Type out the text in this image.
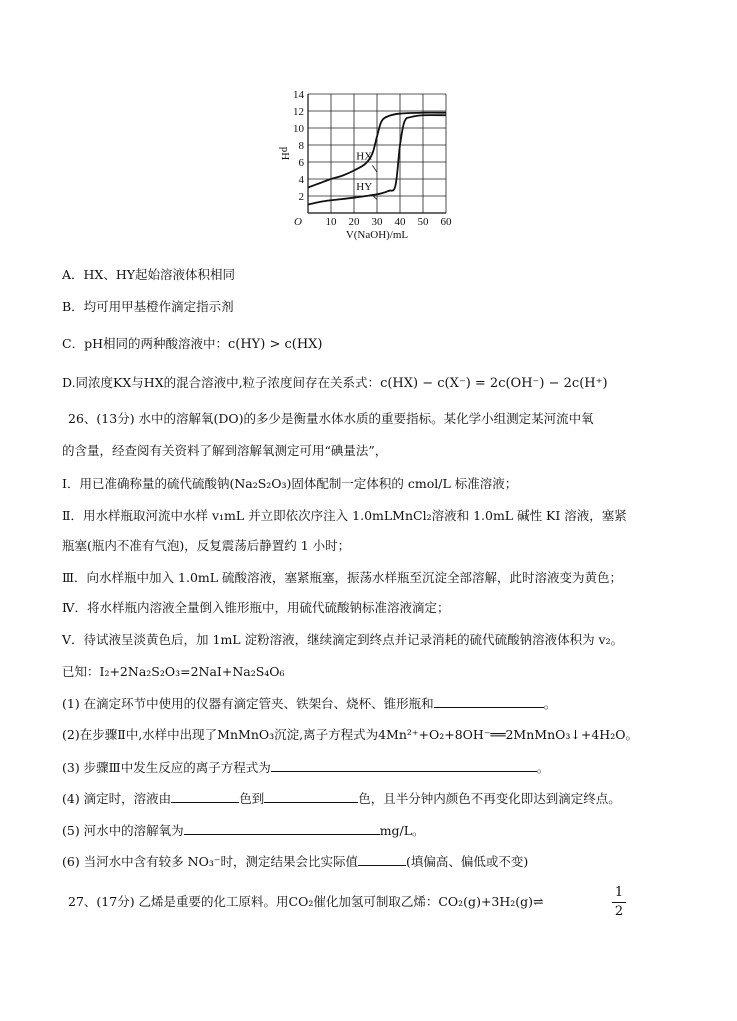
2
4
6
8
10
12
14
10 20 30 40 50 60
O
V(NaOH)/mL
pH	HX
HY
A．HX、HY起始溶液体积相同
B．均可用甲基橙作滴定指示剂
C．pH相同的两种酸溶液中：c(HY) > c(HX)
D.同浓度KX与HX的混合溶液中,粒子浓度间存在关系式：c(HX) − c(X⁻) = 2c(OH⁻) − 2c(H⁺)
26、(13分) 水中的溶解氧(DO)的多少是衡量水体水质的重要指标。某化学小组测定某河流中氧
的含量，经查阅有关资料了解到溶解氧测定可用“碘量法”，
Ⅰ．用已准确称量的硫代硫酸钠(Na₂S₂O₃)固体配制一定体积的 cmol/L 标准溶液；
Ⅱ．用水样瓶取河流中水样 v₁mL 并立即依次序注入 1.0mLMnCl₂溶液和 1.0mL 碱性 KI 溶液，塞紧
瓶塞(瓶内不准有气泡)，反复震荡后静置约 1 小时；
Ⅲ．向水样瓶中加入 1.0mL 硫酸溶液，塞紧瓶塞，振荡水样瓶至沉淀全部溶解，此时溶液变为黄色；
Ⅳ．将水样瓶内溶液全量倒入锥形瓶中，用硫代硫酸钠标准溶液滴定；
Ⅴ．待试液呈淡黄色后，加 1mL 淀粉溶液，继续滴定到终点并记录消耗的硫代硫酸钠溶液体积为 v₂。
已知：I₂+2Na₂S₂O₃=2NaI+Na₂S₄O₆
(1) 在滴定环节中使用的仪器有滴定管夹、铁架台、烧杯、锥形瓶和	。
(2)在步骤Ⅱ中,水样中出现了MnMnO₃沉淀,离子方程式为4Mn²⁺+O₂+8OH⁻══2MnMnO₃↓+4H₂O。
(3) 步骤Ⅲ中发生反应的离子方程式为	。
(4) 滴定时，溶液由	色到	色，且半分钟内颜色不再变化即达到滴定终点。
(5) 河水中的溶解氧为	mg/L。
(6) 当河水中含有较多 NO₃⁻时，测定结果会比实际值	(填偏高、偏低或不变)
27、(17分) 乙烯是重要的化工原料。用CO₂催化加氢可制取乙烯：CO₂(g)+3H₂(g)⇌	$\frac{1}{2}$
